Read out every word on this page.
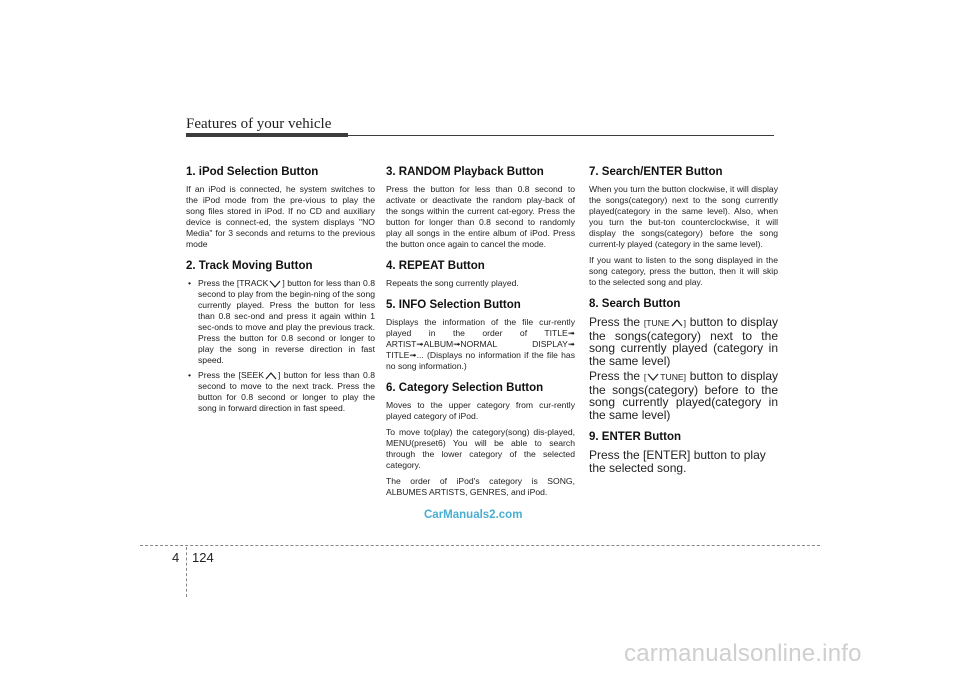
Features of your vehicle
1. iPod Selection Button

If an iPod is connected, he system switches to the iPod mode from the pre-vious to play the song files stored in iPod. If no CD and auxiliary device is connect-ed, the system displays "NO Media" for 3 seconds and returns to the previous mode

2. Track Moving Button
• Press the [TRACK ] button for less than 0.8 second to play from the begin-ning of the song currently played. Press the button for less than 0.8 sec-ond and press it again within 1 sec-onds to move and play the previous track. Press the button for 0.8 second or longer to play the song in reverse direction in fast speed.
• Press the [SEEK ] button for less than 0.8 second to move to the next track. Press the button for 0.8 second or longer to play the song in forward direction in fast speed.
3. RANDOM Playback Button

Press the button for less than 0.8 second to activate or deactivate the random play-back of the songs within the current cat-egory. Press the button for longer than 0.8 second to randomly play all songs in the entire album of iPod. Press the button once again to cancel the mode.

4. REPEAT Button

Repeats the song currently played.

5. INFO Selection Button

Displays the information of the file cur-rently played in the order of TITLE➟ ARTIST➟ALBUM➟NORMAL DISPLAY➟ TITLE➟... (Displays no information if the file has no song information.)

6. Category Selection Button

Moves to the upper category from cur-rently played category of iPod.

To move to(play) the category(song) dis-played, MENU(preset6) You will be able to search through the lower category of the selected category.

The order of iPod's category is SONG, ALBUMES ARTISTS, GENRES, and iPod.

7. Search/ENTER Button

When you turn the button clockwise, it will display the songs(category) next to the song currently played(category in the same level). Also, when you turn the but-ton counterclockwise, it will display the songs(category) before the song current-ly played (category in the same level).

If you want to listen to the song displayed in the song category, press the button, then it will skip to the selected song and play.

8. Search Button

Press the [TUNE ] button to display the songs(category) next to the song currently played (category in the same level)

Press the [ TUNE] button to display the songs(category) before to the song currently played(category in the same level)

9. ENTER Button

Press the [ENTER] button to play the selected song.

CarManuals2.com
4 124
carmanualsonline.info
